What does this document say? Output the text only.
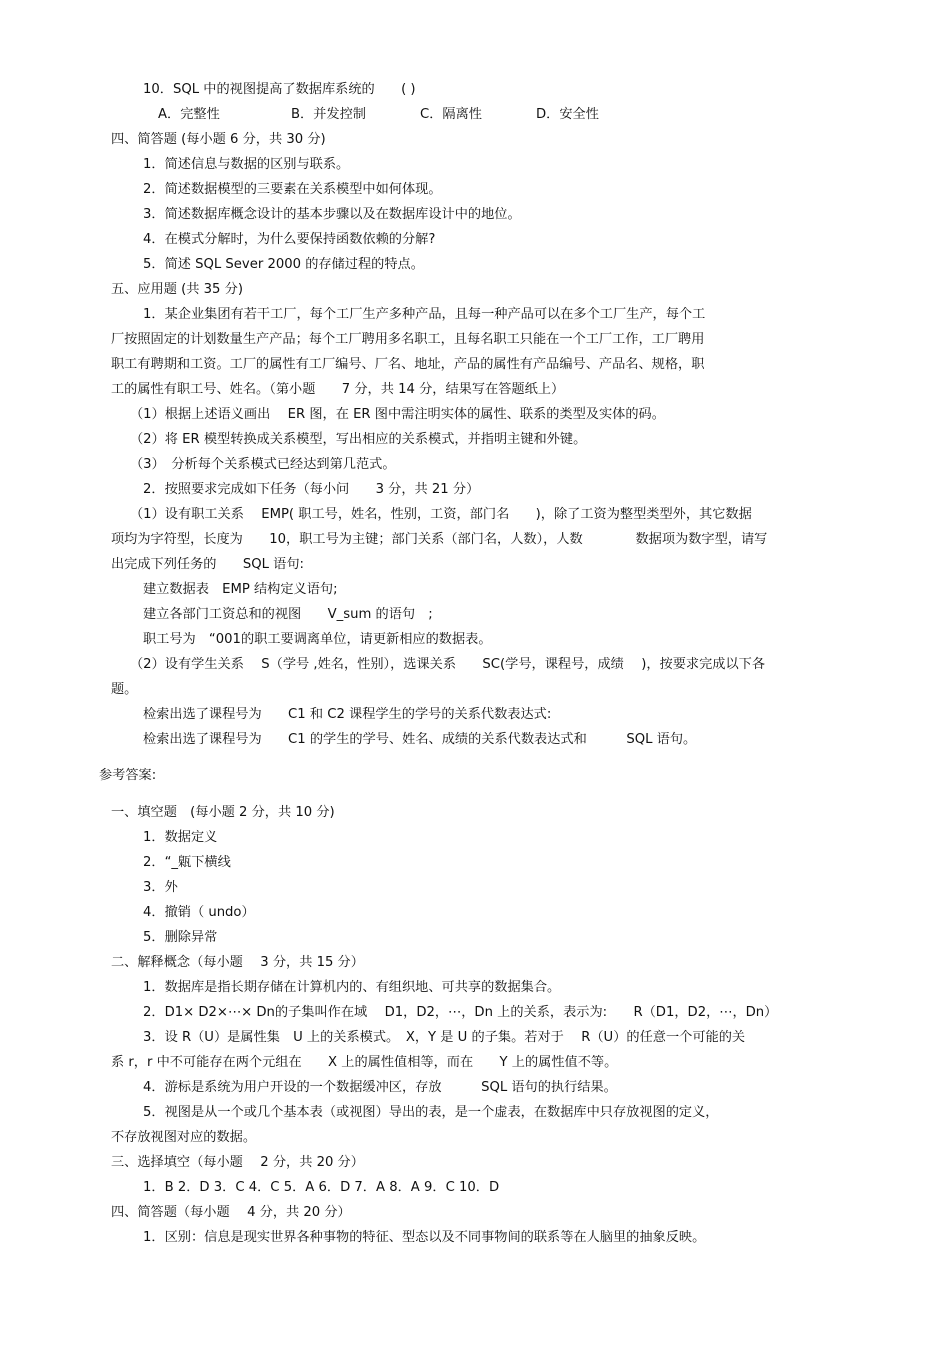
10．SQL 中的视图提高了数据库系统的　　( )
A．完整性	B．并发控制	C．隔离性	D．安全性
四、简答题 (每小题 6 分，共 30 分)
1．简述信息与数据的区别与联系。
2．简述数据模型的三要素在关系模型中如何体现。
3．简述数据库概念设计的基本步骤以及在数据库设计中的地位。
4．在模式分解时，为什么要保持函数依赖的分解?
5．简述 SQL Sever 2000 的存储过程的特点。
五、应用题 (共 35 分)
1．某企业集团有若干工厂，每个工厂生产多种产品，且每一种产品可以在多个工厂生产，每个工
厂按照固定的计划数量生产产品；每个工厂聘用多名职工，且每名职工只能在一个工厂工作，工厂聘用
职工有聘期和工资。工厂的属性有工厂编号、厂名、地址，产品的属性有产品编号、产品名、规格，职
工的属性有职工号、姓名。（第小题　　7 分，共 14 分，结果写在答题纸上）
（1）根据上述语义画出　 ER 图，在 ER 图中需注明实体的属性、联系的类型及实体的码。
（2）将 ER 模型转换成关系模型，写出相应的关系模式，并指明主键和外键。
（3）　分析每个关系模式已经达到第几范式。
2．按照要求完成如下任务（每小问　　3 分，共 21 分）
（1）设有职工关系　 EMP( 职工号，姓名，性别，工资，部门名　　)，除了工资为整型类型外，其它数据
项均为字符型，长度为　　10，职工号为主键；部门关系（部门名，人数），人数　　　　数据项为数字型，请写
出完成下列任务的　　SQL 语句:
建立数据表　EMP 结构定义语句;
建立各部门工资总和的视图　　V_sum 的语句　;
职工号为　“001的职工要调离单位，请更新相应的数据表。
（2）设有学生关系　 S（学号 ,姓名，性别），选课关系　　SC(学号，课程号，成绩　 )，按要求完成以下各
题。
检索出选了课程号为　　C1 和 C2 课程学生的学号的关系代数表达式:
检索出选了课程号为　　C1 的学生的学号、姓名、成绩的关系代数表达式和　　　SQL 语句。
参考答案:
一、填空题　(每小题 2 分，共 10 分)
1．数据定义
2．“_甈下横线
3．外
4．撤销（ undo）
5．删除异常
二、解释概念（每小题　 3 分，共 15 分）
1．数据库是指长期存储在计算机内的、有组织地、可共享的数据集合。
2．D1× D2×⋯× Dn的子集叫作在域　 D1，D2，⋯，Dn 上的关系，表示为:　　R（D1，D2，⋯，Dn）
3．设 R（U）是属性集　U 上的关系模式。　X，Y 是 U 的子集。若对于　 R（U）的任意一个可能的关
系 r，r 中不可能存在两个元组在　　X 上的属性值相等，而在　　Y 上的属性值不等。
4．游标是系统为用户开设的一个数据缓冲区，存放　　　SQL 语句的执行结果。
5．视图是从一个或几个基本表（或视图）导出的表，是一个虚表，在数据库中只存放视图的定义，
不存放视图对应的数据。
三、选择填空（每小题　 2 分，共 20 分）
1．B 2．D 3．C 4．C 5．A 6．D 7．A 8．A 9．C 10．D
四、简答题（每小题　 4 分，共 20 分）
1．区别：信息是现实世界各种事物的特征、型态以及不同事物间的联系等在人脑里的抽象反映。
